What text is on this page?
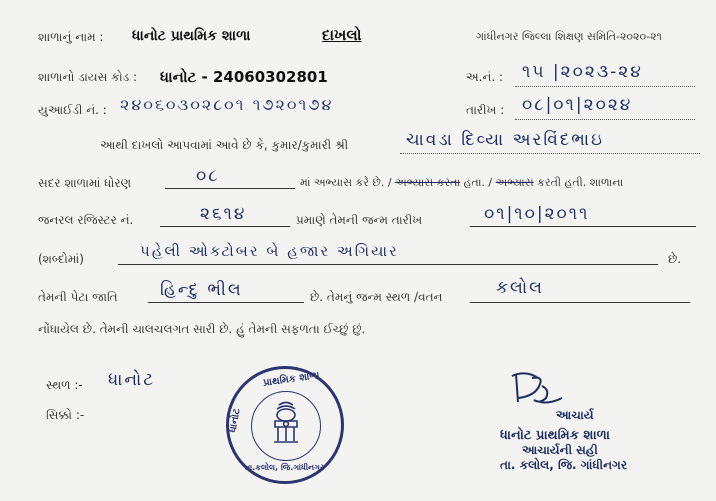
શાળાનું નામ : ધાનોટ પ્રાથમિક શાળા	દાખલો	ગાંધીનગર જિલ્લા શિક્ષણ સમિતિ-૨૦૨૦-૨૧
શાળાનો ડાયસ કોડ : ધાનોટ - 24060302801	અ.નં. : ૧૫ |૨૦૨૩-૨૪
યુઆઈડી નં. : ૨૪૦૬૦૩૦૨૮૦૧ ૧૭૨૦૧૭૪	તારીખ : ૦૮|૦૧|૨૦૨૪
આથી દાખલો આપવામાં આવે છે કે, કુમાર/કુમારી શ્રી	ચાવડા દિવ્યા અરવિંદભાઇ
સદર શાળામાં ધોરણ	૦૮	માં અભ્યાસ કરે છે. / અભ્યાસ કરતા હતા. / અભ્યાસ કરતી હતી. શાળાના
જનરલ રજિસ્ટર નં.	૨૬૧૪	પ્રમાણે તેમની જન્મ તારીખ	૦૧|૧૦|૨૦૧૧
(શબ્દોમાં)	પહેલી ઓક્ટોબર બે હજાર અગિયાર	છે.
તેમની પેટા જાતિ હિન્દુ ભીલ	છે. તેમનું જન્મ સ્થળ /વતન	કલોલ
નોંધાયેલ છે. તેમની ચાલચલગત સારી છે. હું તેમની સફળતા ઈચ્છું છું.
સ્થળ :- ધાનોટ
સિક્કો :-
પ્રાથમિક શાળા
ધાનોટ
તા.કલોલ, જિ.ગાંધીનગર
આચાર્ય
ધાનોટ પ્રાથમિક શાળા
આચાર્યની સહી
તા. કલોલ, જિ. ગાંધીનગર
